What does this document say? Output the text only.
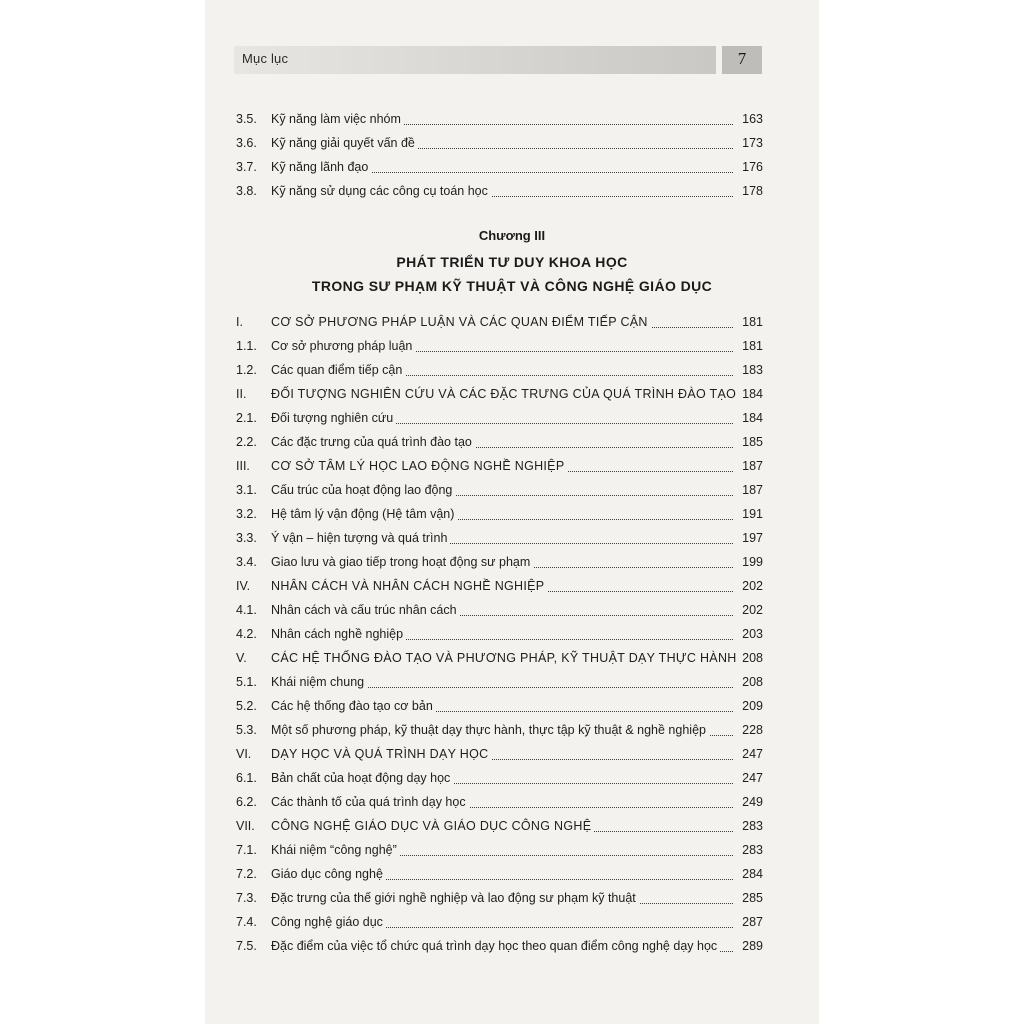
Mục lục	7
3.5. Kỹ năng làm việc nhóm	163
3.6. Kỹ năng giải quyết vấn đề	173
3.7. Kỹ năng lãnh đạo	176
3.8. Kỹ năng sử dụng các công cụ toán học	178
Chương III
PHÁT TRIỂN TƯ DUY KHOA HỌC
TRONG SƯ PHẠM KỸ THUẬT VÀ CÔNG NGHỆ GIÁO DỤC
I. CƠ SỞ PHƯƠNG PHÁP LUẬN VÀ CÁC QUAN ĐIỂM TIẾP CẬN	181
1.1. Cơ sở phương pháp luận	181
1.2. Các quan điểm tiếp cận	183
II. ĐỐI TƯỢNG NGHIÊN CỨU VÀ CÁC ĐẶC TRƯNG CỦA QUÁ TRÌNH ĐÀO TẠO 184
2.1. Đối tượng nghiên cứu	184
2.2. Các đặc trưng của quá trình đào tạo	185
III. CƠ SỞ TÂM LÝ HỌC LAO ĐỘNG NGHỀ NGHIỆP	187
3.1. Cấu trúc của hoạt động lao động	187
3.2. Hệ tâm lý vận động (Hệ tâm vận)	191
3.3. Ý vận – hiện tượng và quá trình	197
3.4. Giao lưu và giao tiếp trong hoạt động sư phạm	199
IV. NHÂN CÁCH VÀ NHÂN CÁCH NGHỀ NGHIỆP	202
4.1. Nhân cách và cấu trúc nhân cách	202
4.2. Nhân cách nghề nghiệp	203
V. CÁC HỆ THỐNG ĐÀO TẠO VÀ PHƯƠNG PHÁP, KỸ THUẬT DẠY THỰC HÀNH 208
5.1. Khái niệm chung	208
5.2. Các hệ thống đào tạo cơ bản	209
5.3. Một số phương pháp, kỹ thuật dạy thực hành, thực tập kỹ thuật & nghề nghiệp	228
VI. DẠY HỌC VÀ QUÁ TRÌNH DẠY HỌC	247
6.1. Bản chất của hoạt động dạy học	247
6.2. Các thành tố của quá trình dạy học	249
VII. CÔNG NGHỆ GIÁO DỤC VÀ GIÁO DỤC CÔNG NGHỆ	283
7.1. Khái niệm “công nghệ”	283
7.2. Giáo dục công nghệ	284
7.3. Đặc trưng của thế giới nghề nghiệp và lao động sư phạm kỹ thuật	285
7.4. Công nghệ giáo dục	287
7.5. Đặc điểm của việc tổ chức quá trình dạy học theo quan điểm công nghệ dạy học 289
